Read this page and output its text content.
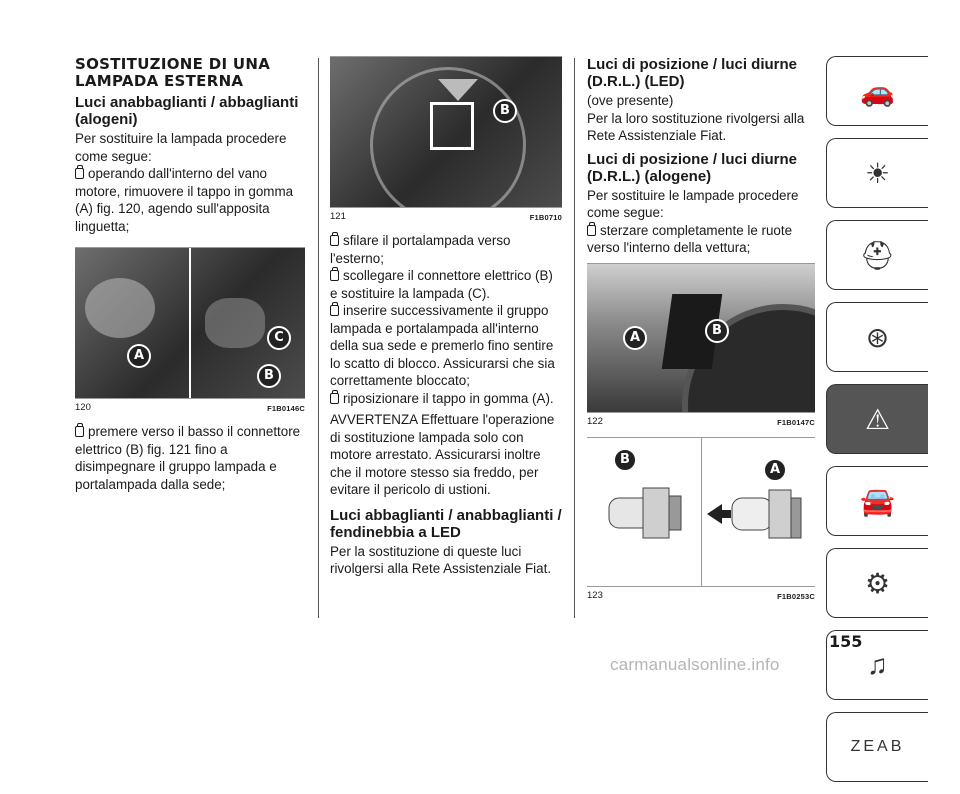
SOSTITUZIONE DI UNA LAMPADA ESTERNA

Luci anabbaglianti / abbaglianti (alogeni)

Per sostituire la lampada procedere come segue:

operando dall'interno del vano motore, rimuovere il tappo in gomma (A) fig. 120, agendo sull'apposita linguetta;

A
C
B
120	F1B0146C

premere verso il basso il connettore elettrico (B) fig. 121 fino a disimpegnare il gruppo lampada e portalampada dalla sede;

B
121	F1B0710

sfilare il portalampada verso l'esterno;

scollegare il connettore elettrico (B) e sostituire la lampada (C).

inserire successivamente il gruppo lampada e portalampada all'interno della sua sede e premerlo fino sentire lo scatto di blocco. Assicurarsi che sia correttamente bloccato;

riposizionare il tappo in gomma (A).

AVVERTENZA Effettuare l'operazione di sostituzione lampada solo con motore arrestato. Assicurarsi inoltre che il motore stesso sia freddo, per evitare il pericolo di ustioni.

Luci abbaglianti / anabbaglianti / fendinebbia a LED

Per la sostituzione di queste luci rivolgersi alla Rete Assistenziale Fiat.

Luci di posizione / luci diurne (D.R.L.) (LED)

(ove presente)

Per la loro sostituzione rivolgersi alla Rete Assistenziale Fiat.

Luci di posizione / luci diurne (D.R.L.) (alogene)

Per sostituire le lampade procedere come segue:

sterzare completamente le ruote verso l'interno della vettura;

A	B
122	F1B0147C
B
A
123	F1B0253C
🚗
☀
⛑
⊛
⚠
🚘
⚙
♫
ZEAB
155
carmanualsonline.info
